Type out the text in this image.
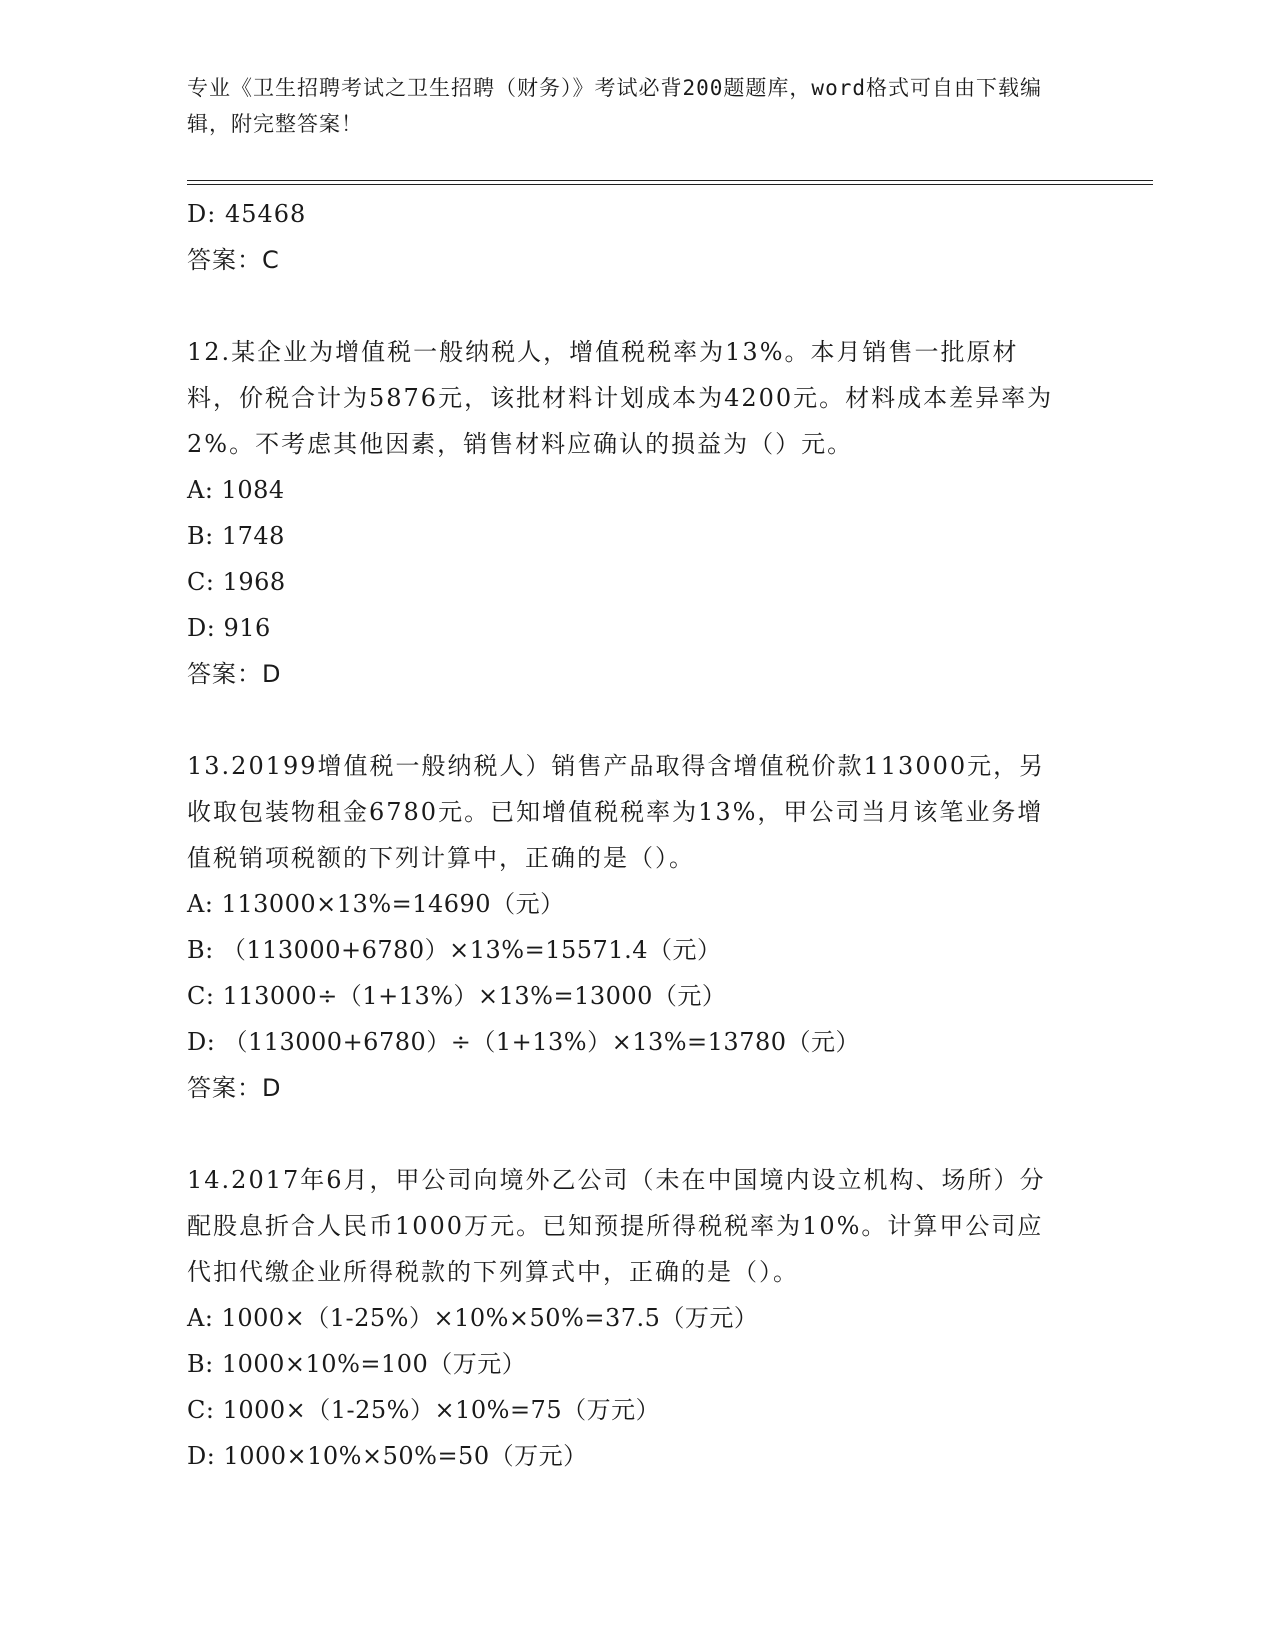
专业《卫生招聘考试之卫生招聘（财务）》考试必背200题题库，word格式可自由下载编辑，附完整答案！
D: 45468
答案：C
12.某企业为增值税一般纳税人，增值税税率为13%。本月销售一批原材料，价税合计为5876元，该批材料计划成本为4200元。材料成本差异率为2%。不考虑其他因素，销售材料应确认的损益为（）元。
A: 1084
B: 1748
C: 1968
D: 916
答案：D
13.20199增值税一般纳税人）销售产品取得含增值税价款113000元，另收取包装物租金6780元。已知增值税税率为13%，甲公司当月该笔业务增值税销项税额的下列计算中，正确的是（）。
A: 113000×13%=14690（元）
B: （113000+6780）×13%=15571.4（元）
C: 113000÷（1+13%）×13%=13000（元）
D: （113000+6780）÷（1+13%）×13%=13780（元）
答案：D
14.2017年6月，甲公司向境外乙公司（未在中国境内设立机构、场所）分配股息折合人民币1000万元。已知预提所得税税率为10%。计算甲公司应代扣代缴企业所得税款的下列算式中，正确的是（）。
A: 1000×（1-25%）×10%×50%=37.5（万元）
B: 1000×10%=100（万元）
C: 1000×（1-25%）×10%=75（万元）
D: 1000×10%×50%=50（万元）
